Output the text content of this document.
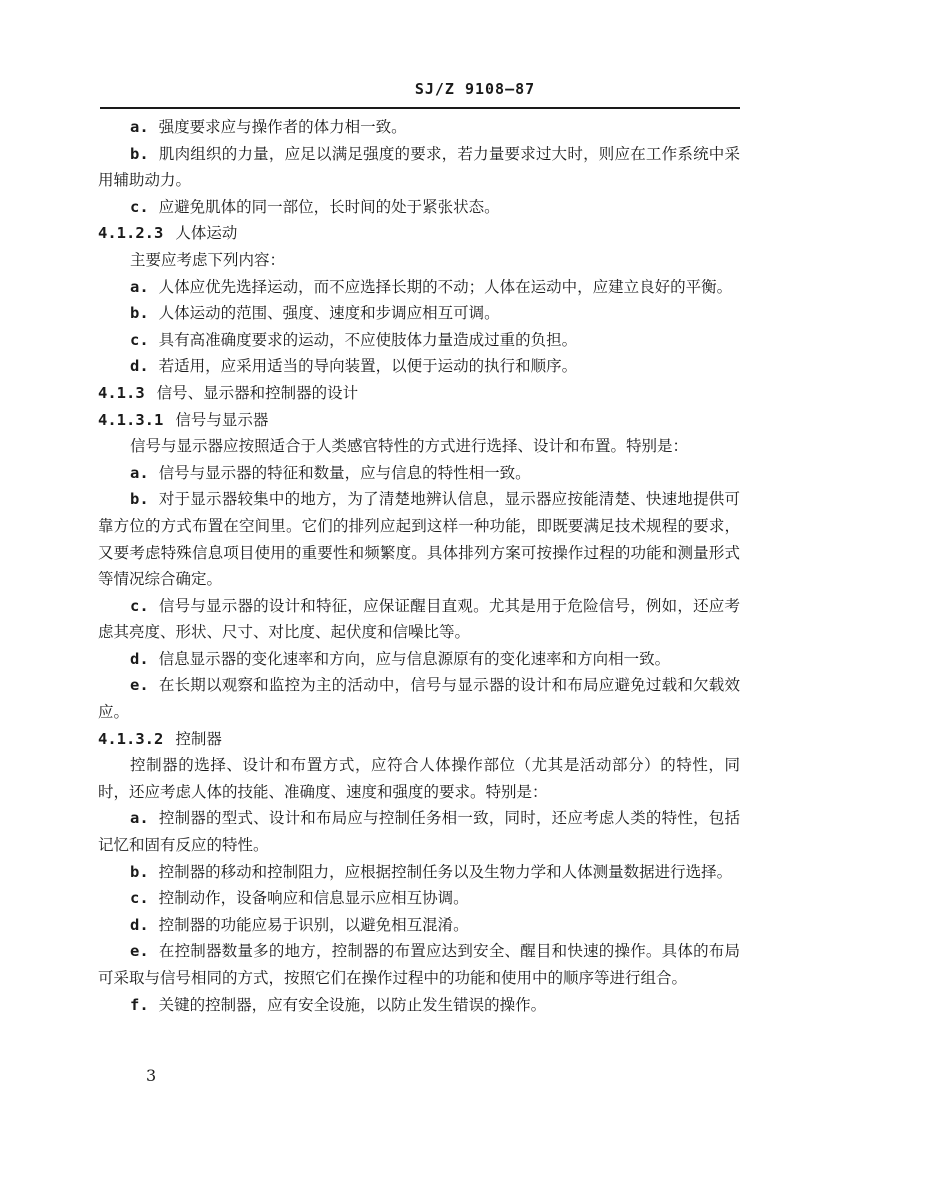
SJ/Z 9108—87

a. 强度要求应与操作者的体力相一致。

b. 肌肉组织的力量，应足以满足强度的要求，若力量要求过大时，则应在工作系统中采用辅助动力。

c. 应避免肌体的同一部位，长时间的处于紧张状态。

4.1.2.3 人体运动

主要应考虑下列内容：

a. 人体应优先选择运动，而不应选择长期的不动；人体在运动中，应建立良好的平衡。

b. 人体运动的范围、强度、速度和步调应相互可调。

c. 具有高准确度要求的运动，不应使肢体力量造成过重的负担。

d. 若适用，应采用适当的导向装置，以便于运动的执行和顺序。

4.1.3 信号、显示器和控制器的设计

4.1.3.1 信号与显示器

信号与显示器应按照适合于人类感官特性的方式进行选择、设计和布置。特别是：

a. 信号与显示器的特征和数量，应与信息的特性相一致。

b. 对于显示器较集中的地方，为了清楚地辨认信息，显示器应按能清楚、快速地提供可靠方位的方式布置在空间里。它们的排列应起到这样一种功能，即既要满足技术规程的要求，又要考虑特殊信息项目使用的重要性和频繁度。具体排列方案可按操作过程的功能和测量形式等情况综合确定。

c. 信号与显示器的设计和特征，应保证醒目直观。尤其是用于危险信号，例如，还应考虑其亮度、形状、尺寸、对比度、起伏度和信噪比等。

d. 信息显示器的变化速率和方向，应与信息源原有的变化速率和方向相一致。

e. 在长期以观察和监控为主的活动中，信号与显示器的设计和布局应避免过载和欠载效应。

4.1.3.2 控制器

控制器的选择、设计和布置方式，应符合人体操作部位（尤其是活动部分）的特性，同时，还应考虑人体的技能、准确度、速度和强度的要求。特别是：

a. 控制器的型式、设计和布局应与控制任务相一致，同时，还应考虑人类的特性，包括记忆和固有反应的特性。

b. 控制器的移动和控制阻力，应根据控制任务以及生物力学和人体测量数据进行选择。

c. 控制动作，设备响应和信息显示应相互协调。

d. 控制器的功能应易于识别，以避免相互混淆。

e. 在控制器数量多的地方，控制器的布置应达到安全、醒目和快速的操作。具体的布局可采取与信号相同的方式，按照它们在操作过程中的功能和使用中的顺序等进行组合。

f. 关键的控制器，应有安全设施，以防止发生错误的操作。

3
